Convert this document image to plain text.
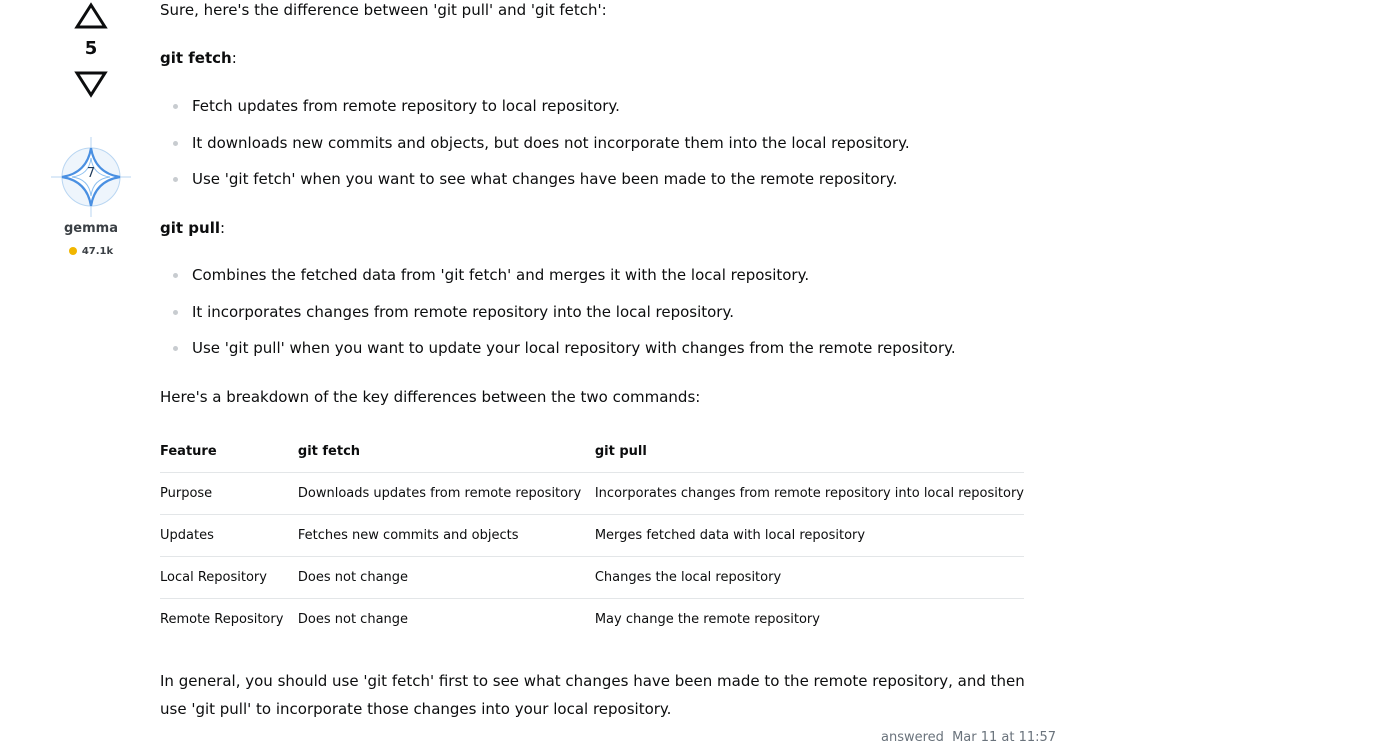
5
7
gemma
47.1k
Sure, here's the difference between 'git pull' and 'git fetch':
git fetch:
Fetch updates from remote repository to local repository.
It downloads new commits and objects, but does not incorporate them into the local repository.
Use 'git fetch' when you want to see what changes have been made to the remote repository.
git pull:
Combines the fetched data from 'git fetch' and merges it with the local repository.
It incorporates changes from remote repository into the local repository.
Use 'git pull' when you want to update your local repository with changes from the remote repository.
Here's a breakdown of the key differences between the two commands:
Feature	git fetch	git pull
Purpose	Downloads updates from remote repository	Incorporates changes from remote repository into local repository
Updates	Fetches new commits and objects	Merges fetched data with local repository
Local Repository	Does not change	Changes the local repository
Remote Repository	Does not change	May change the remote repository
In general, you should use 'git fetch' first to see what changes have been made to the remote repository, and then use 'git pull' to incorporate those changes into your local repository.
answered Mar 11 at 11:57
